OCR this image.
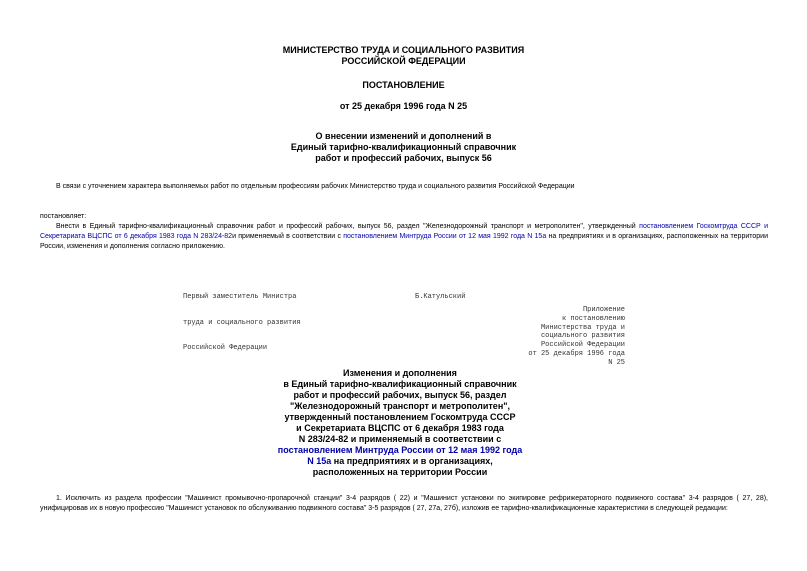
МИНИСТЕРСТВО ТРУДА И СОЦИАЛЬНОГО РАЗВИТИЯ
РОССИЙСКОЙ ФЕДЕРАЦИИ
ПОСТАНОВЛЕНИЕ
от 25 декабря 1996 года N 25
О внесении изменений и дополнений в
Единый тарифно-квалификационный справочник
работ и профессий рабочих, выпуск 56
В связи с уточнением характера выполняемых работ по отдельным профессиям рабочих Министерство труда и социального развития Российской Федерации
постановляет:
Внести в Единый тарифно-квалификационный справочник работ и профессий рабочих, выпуск 56, раздел "Железнодорожный транспорт и метрополитен", утвержденный постановлением Госкомтруда СССР и Секретариата ВЦСПС от 6 декабря 1983 года N 283/24-82и применяемый в соответствии с постановлением Минтруда России от 12 мая 1992 года N 15а на предприятиях и в организациях, расположенных на территории России, изменения и дополнения согласно приложению.

Первый заместитель Министра

труда и социального развития

Российской Федерации

Б.Катульский
Приложение
к постановлению
Министерства труда и
социального развития
Российской Федерации
от 25 декабря 1996 года
N 25
Изменения и дополнения
в Единый тарифно-квалификационный справочник
работ и профессий рабочих, выпуск 56, раздел
"Железнодорожный транспорт и метрополитен",
утвержденный постановлением Госкомтруда СССР
и Секретариата ВЦСПС от 6 декабря 1983 года
N 283/24-82 и применяемый в соответствии с
постановлением Минтруда России от 12 мая 1992 года
N 15а на предприятиях и в организациях,
расположенных на территории России
1. Исключить из раздела профессии "Машинист промывочно-пропарочной станции" 3-4 разрядов ( 22) и "Машинист установки по экипировке рефрижераторного подвижного состава" 3-4 разрядов ( 27, 28), унифицировав их в новую профессию "Машинист установок по обслуживанию подвижного состава" 3-5 разрядов ( 27, 27а, 27б), изложив ее тарифно-квалификационные характеристики в следующей редакции:
